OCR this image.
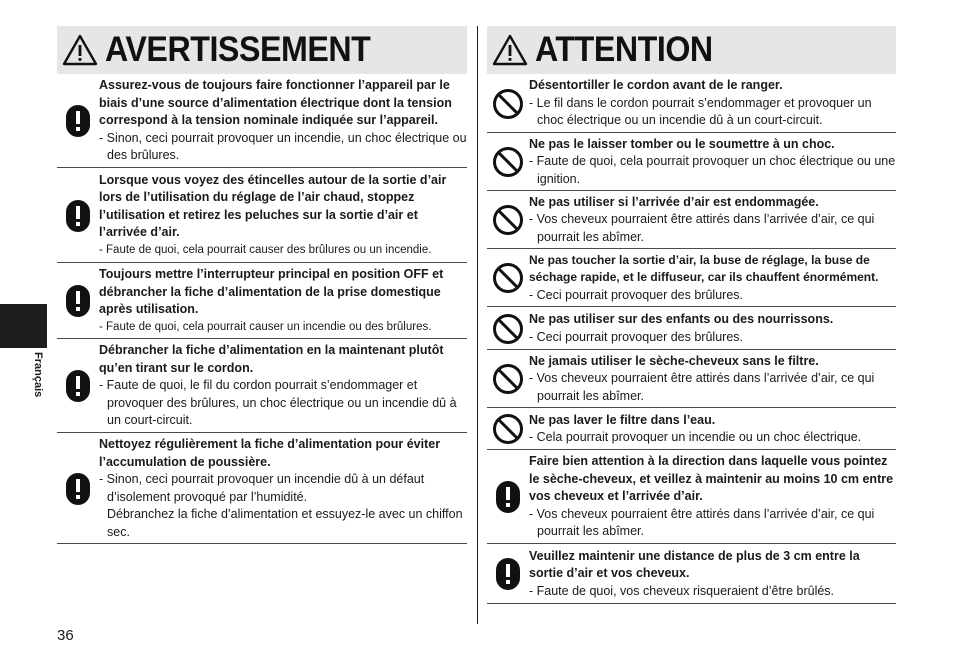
Français
36
AVERTISSEMENT
Assurez-vous de toujours faire fonctionner l’appareil par le biais d’une source d’alimentation électrique dont la tension correspond à la tension nominale indiquée sur l’appareil.
- Sinon, ceci pourrait provoquer un incendie, un choc électrique ou des brûlures.
Lorsque vous voyez des étincelles autour de la sortie d’air lors de l’utilisation du réglage de l’air chaud, stoppez l’utilisation et retirez les peluches sur la sortie d’air et l’arrivée d’air.
- Faute de quoi, cela pourrait causer des brûlures ou un incendie.
Toujours mettre l’interrupteur principal en position OFF et débrancher la fiche d’alimentation de la prise domestique après utilisation.
- Faute de quoi, cela pourrait causer un incendie ou des brûlures.
Débrancher la fiche d’alimentation en la maintenant plutôt qu’en tirant sur le cordon.
- Faute de quoi, le fil du cordon pourrait s’endommager et provoquer des brûlures, un choc électrique ou un incendie dû à un court-circuit.
Nettoyez régulièrement la fiche d’alimentation pour éviter l’accumulation de poussière.
- Sinon, ceci pourrait provoquer un incendie dû à un défaut d’isolement provoqué par l’humidité.
Débranchez la fiche d’alimentation et essuyez-le avec un chiffon sec.
ATTENTION
Désentortiller le cordon avant de le ranger.
- Le fil dans le cordon pourrait s’endommager et provoquer un choc électrique ou un incendie dû à un court-circuit.
Ne pas le laisser tomber ou le soumettre à un choc.
- Faute de quoi, cela pourrait provoquer un choc électrique ou une ignition.
Ne pas utiliser si l’arrivée d’air est endommagée.
- Vos cheveux pourraient être attirés dans l’arrivée d’air, ce qui pourrait les abîmer.
Ne pas toucher la sortie d’air, la buse de réglage, la buse de séchage rapide, et le diffuseur, car ils chauffent énormément.
- Ceci pourrait provoquer des brûlures.
Ne pas utiliser sur des enfants ou des nourrissons.
- Ceci pourrait provoquer des brûlures.
Ne jamais utiliser le sèche-cheveux sans le filtre.
- Vos cheveux pourraient être attirés dans l’arrivée d’air, ce qui pourrait les abîmer.
Ne pas laver le filtre dans l’eau.
- Cela pourrait provoquer un incendie ou un choc électrique.
Faire bien attention à la direction dans laquelle vous pointez le sèche-cheveux, et veillez à maintenir au moins 10 cm entre vos cheveux et l’arrivée d’air.
- Vos cheveux pourraient être attirés dans l’arrivée d’air, ce qui pourrait les abîmer.
Veuillez maintenir une distance de plus de 3 cm entre la sortie d’air et vos cheveux.
- Faute de quoi, vos cheveux risqueraient d’être brûlés.
